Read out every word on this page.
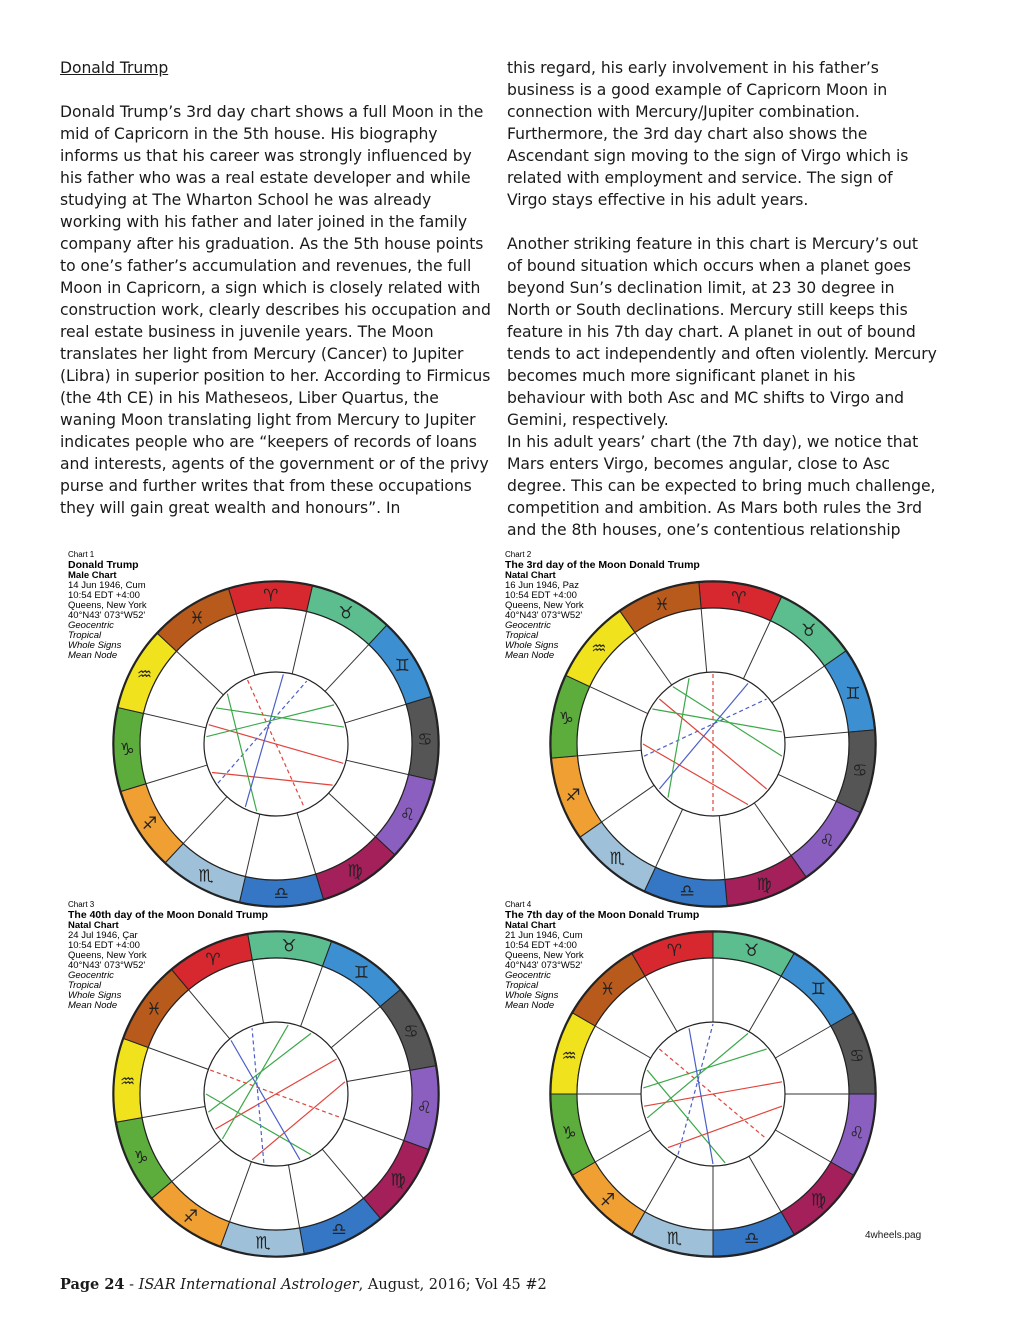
Donald Trump

Donald Trump’s 3rd day chart shows a full Moon in the mid of Capricorn in the 5th house. His biography informs us that his career was strongly influenced by his father who was a real estate developer and while studying at The Wharton School he was already working with his father and later joined in the family company after his graduation. As the 5th house points to one’s father’s accumulation and revenues, the full Moon in Capricorn, a sign which is closely related with construction work, clearly describes his occupation and real estate business in juvenile years. The Moon translates her light from Mercury (Cancer) to Jupiter (Libra) in superior position to her. According to Firmicus (the 4th CE) in his Matheseos, Liber Quartus, the waning Moon translating light from Mercury to Jupiter indicates people who are “keepers of records of loans and interests, agents of the government or of the privy purse and further writes that from these occupations they will gain great wealth and honours”. In

this regard, his early involvement in his father’s business is a good example of Capricorn Moon in connection with Mercury/Jupiter combination. Furthermore, the 3rd day chart also shows the Ascendant sign moving to the sign of Virgo which is related with employment and service. The sign of Virgo stays effective in his adult years.

Another striking feature in this chart is Mercury’s out of bound situation which occurs when a planet goes beyond Sun’s declination limit, at 23 30 degree in North or South declinations. Mercury still keeps this feature in his 7th day chart. A planet in out of bound tends to act independently and often violently. Mercury becomes much more significant planet in his behaviour with both Asc and MC shifts to Virgo and Gemini, respectively.

In his adult years’ chart (the 7th day), we notice that Mars enters Virgo, becomes angular, close to Asc degree. This can be expected to bring much challenge, competition and ambition. As Mars both rules the 3rd and the 8th houses, one’s contentious relationship

Chart 1
Donald Trump
Male Chart
14 Jun 1946, Cum
10:54 EDT +4:00
Queens, New York
40°N43' 073°W52'
Geocentric
Tropical
Whole Signs
Mean Node
♈
♉
♊
♋
♌
♍
♎
♏
♐
♑
♒
♓
Chart 2
The 3rd day of the Moon Donald Trump
Natal Chart
16 Jun 1946, Paz
10:54 EDT +4:00
Queens, New York
40°N43' 073°W52'
Geocentric
Tropical
Whole Signs
Mean Node
♈
♉
♊
♋
♌
♍
♎
♏
♐
♑
♒
♓
Chart 3
The 40th day of the Moon Donald Trump
Natal Chart
24 Jul 1946, Çar
10:54 EDT +4:00
Queens, New York
40°N43' 073°W52'
Geocentric
Tropical
Whole Signs
Mean Node
♈
♉
♊
♋
♌
♍
♎
♏
♐
♑
♒
♓
Chart 4
The 7th day of the Moon Donald Trump
Natal Chart
21 Jun 1946, Cum
10:54 EDT +4:00
Queens, New York
40°N43' 073°W52'
Geocentric
Tropical
Whole Signs
Mean Node
♈	♉
♊
♋
♌
♍
♎
♏
♐
♑
♒
♓
4wheels.pag
Page 24 - ISAR International Astrologer, August, 2016; Vol 45 #2
